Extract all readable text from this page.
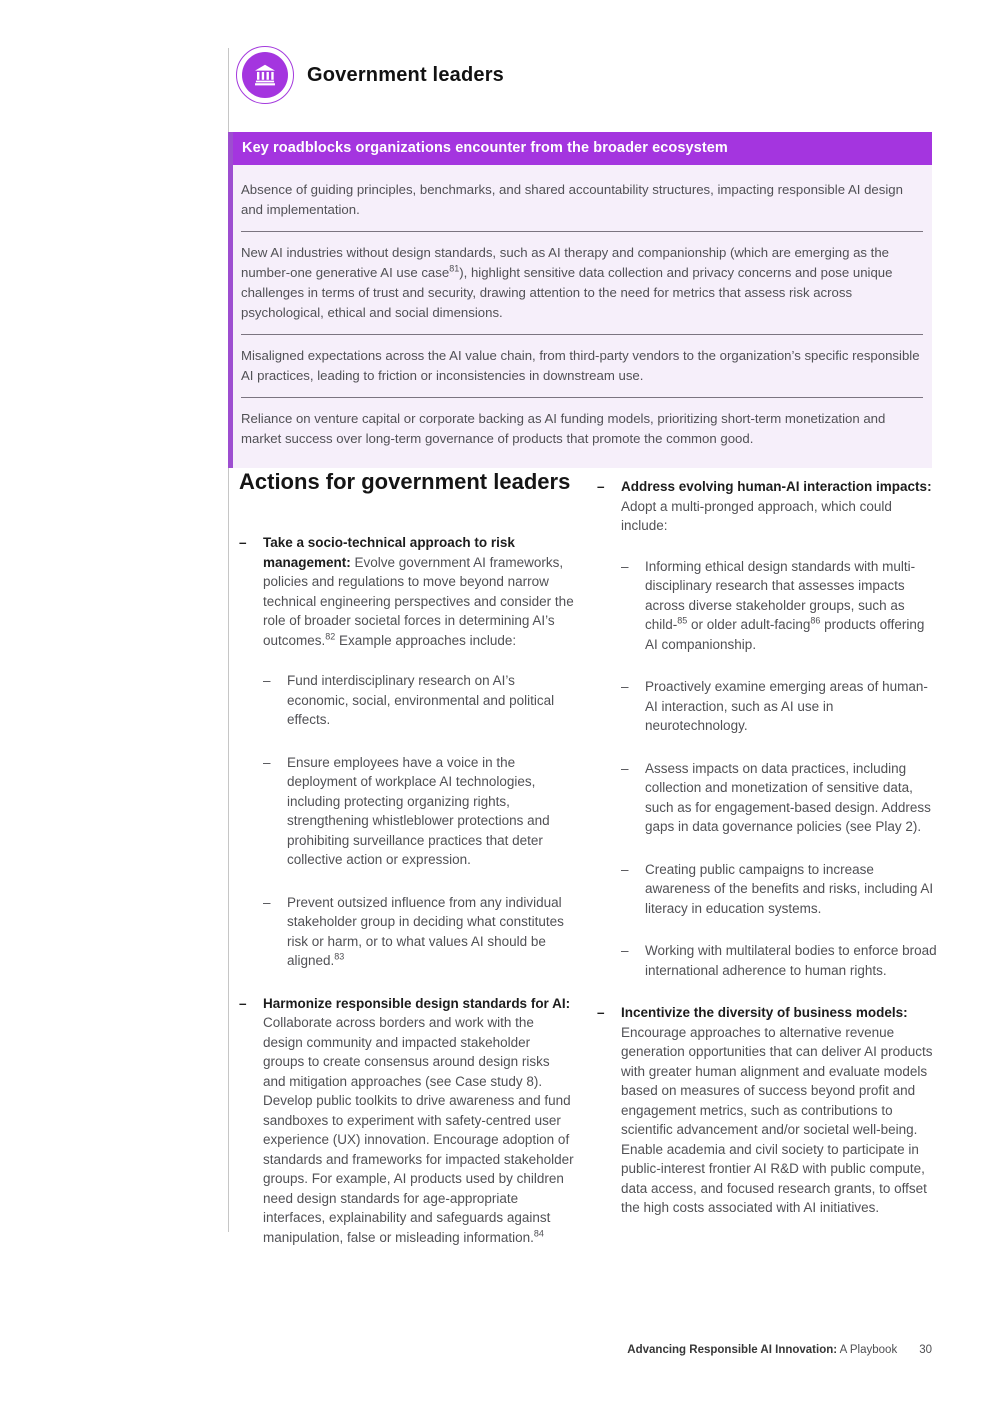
Government leaders
Key roadblocks organizations encounter from the broader ecosystem

Absence of guiding principles, benchmarks, and shared accountability structures, impacting responsible AI design and implementation.

New AI industries without design standards, such as AI therapy and companionship (which are emerging as the number-one generative AI use case$^{81}$), highlight sensitive data collection and privacy concerns and pose unique challenges in terms of trust and security, drawing attention to the need for metrics that assess risk across psychological, ethical and social dimensions.

Misaligned expectations across the AI value chain, from third-party vendors to the organization’s specific responsible AI practices, leading to friction or inconsistencies in downstream use.

Reliance on venture capital or corporate backing as AI funding models, prioritizing short-term monetization and market success over long-term governance of products that promote the common good.

Actions for government leaders
–	Take a socio-technical approach to risk management: Evolve government AI frameworks, policies and regulations to move beyond narrow technical engineering perspectives and consider the role of broader societal forces in determining AI’s outcomes.$^{82}$ Example approaches include:

–	Fund interdisciplinary research on AI’s economic, social, environmental and political effects.

–	Ensure employees have a voice in the deployment of workplace AI technologies, including protecting organizing rights, strengthening whistleblower protections and prohibiting surveillance practices that deter collective action or expression.

–	Prevent outsized influence from any individual stakeholder group in deciding what constitutes risk or harm, or to what values AI should be aligned.$^{83}$

–	Harmonize responsible design standards for AI: Collaborate across borders and work with the design community and impacted stakeholder groups to create consensus around design risks and mitigation approaches (see Case study 8). Develop public toolkits to drive awareness and fund sandboxes to experiment with safety-centred user experience (UX) innovation. Encourage adoption of standards and frameworks for impacted stakeholder groups. For example, AI products used by children need design standards for age-appropriate interfaces, explainability and safeguards against manipulation, false or misleading information.$^{84}$

–	Address evolving human-AI interaction impacts: Adopt a multi-pronged approach, which could include:

–	Informing ethical design standards with multi-disciplinary research that assesses impacts across diverse stakeholder groups, such as child-$^{85}$ or older adult-facing$^{86}$ products offering AI companionship.

–	Proactively examine emerging areas of human-AI interaction, such as AI use in neurotechnology.

–	Assess impacts on data practices, including collection and monetization of sensitive data, such as for engagement-based design. Address gaps in data governance policies (see Play 2).

–	Creating public campaigns to increase awareness of the benefits and risks, including AI literacy in education systems.

–	Working with multilateral bodies to enforce broad international adherence to human rights.

–	Incentivize the diversity of business models: Encourage approaches to alternative revenue generation opportunities that can deliver AI products with greater human alignment and evaluate models based on measures of success beyond profit and engagement metrics, such as contributions to scientific advancement and/or societal well-being. Enable academia and civil society to participate in public-interest frontier AI R&D with public compute, data access, and focused research grants, to offset the high costs associated with AI initiatives.

Advancing Responsible AI Innovation: A Playbook 30
